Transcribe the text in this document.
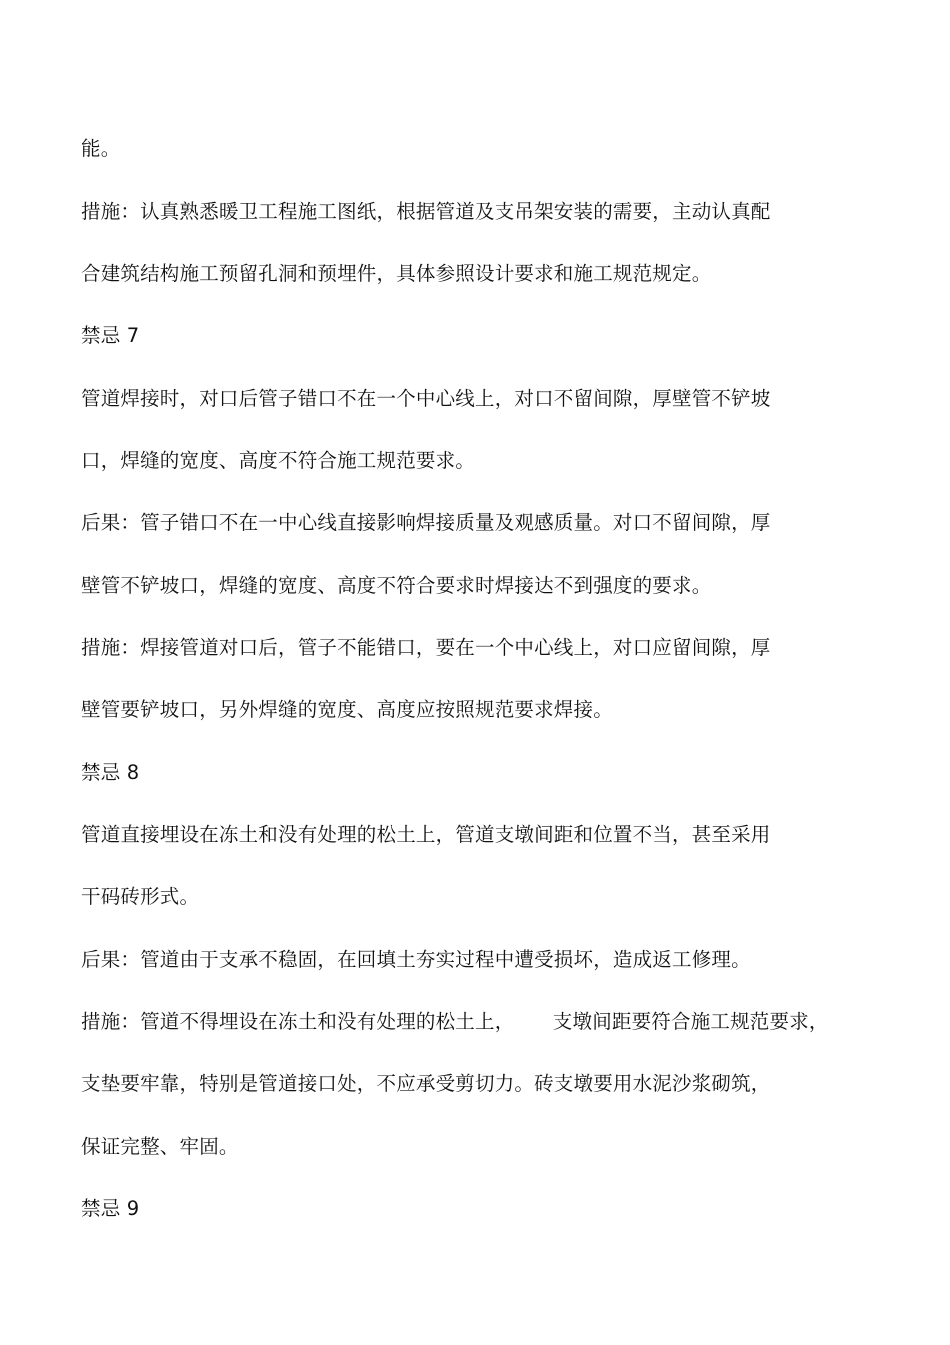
能。
措施：认真熟悉暖卫工程施工图纸，根据管道及支吊架安装的需要，主动认真配
合建筑结构施工预留孔洞和预埋件，具体参照设计要求和施工规范规定。
禁忌 7
管道焊接时，对口后管子错口不在一个中心线上，对口不留间隙，厚壁管不铲坡
口，焊缝的宽度、高度不符合施工规范要求。
后果：管子错口不在一中心线直接影响焊接质量及观感质量。对口不留间隙，厚
壁管不铲坡口，焊缝的宽度、高度不符合要求时焊接达不到强度的要求。
措施：焊接管道对口后，管子不能错口，要在一个中心线上，对口应留间隙，厚
壁管要铲坡口，另外焊缝的宽度、高度应按照规范要求焊接。
禁忌 8
管道直接埋设在冻土和没有处理的松土上，管道支墩间距和位置不当，甚至采用
干码砖形式。
后果：管道由于支承不稳固，在回填土夯实过程中遭受损坏，造成返工修理。
措施：管道不得埋设在冻土和没有处理的松土上，      支墩间距要符合施工规范要求，
支垫要牢靠，特别是管道接口处，不应承受剪切力。砖支墩要用水泥沙浆砌筑，
保证完整、牢固。
禁忌 9
